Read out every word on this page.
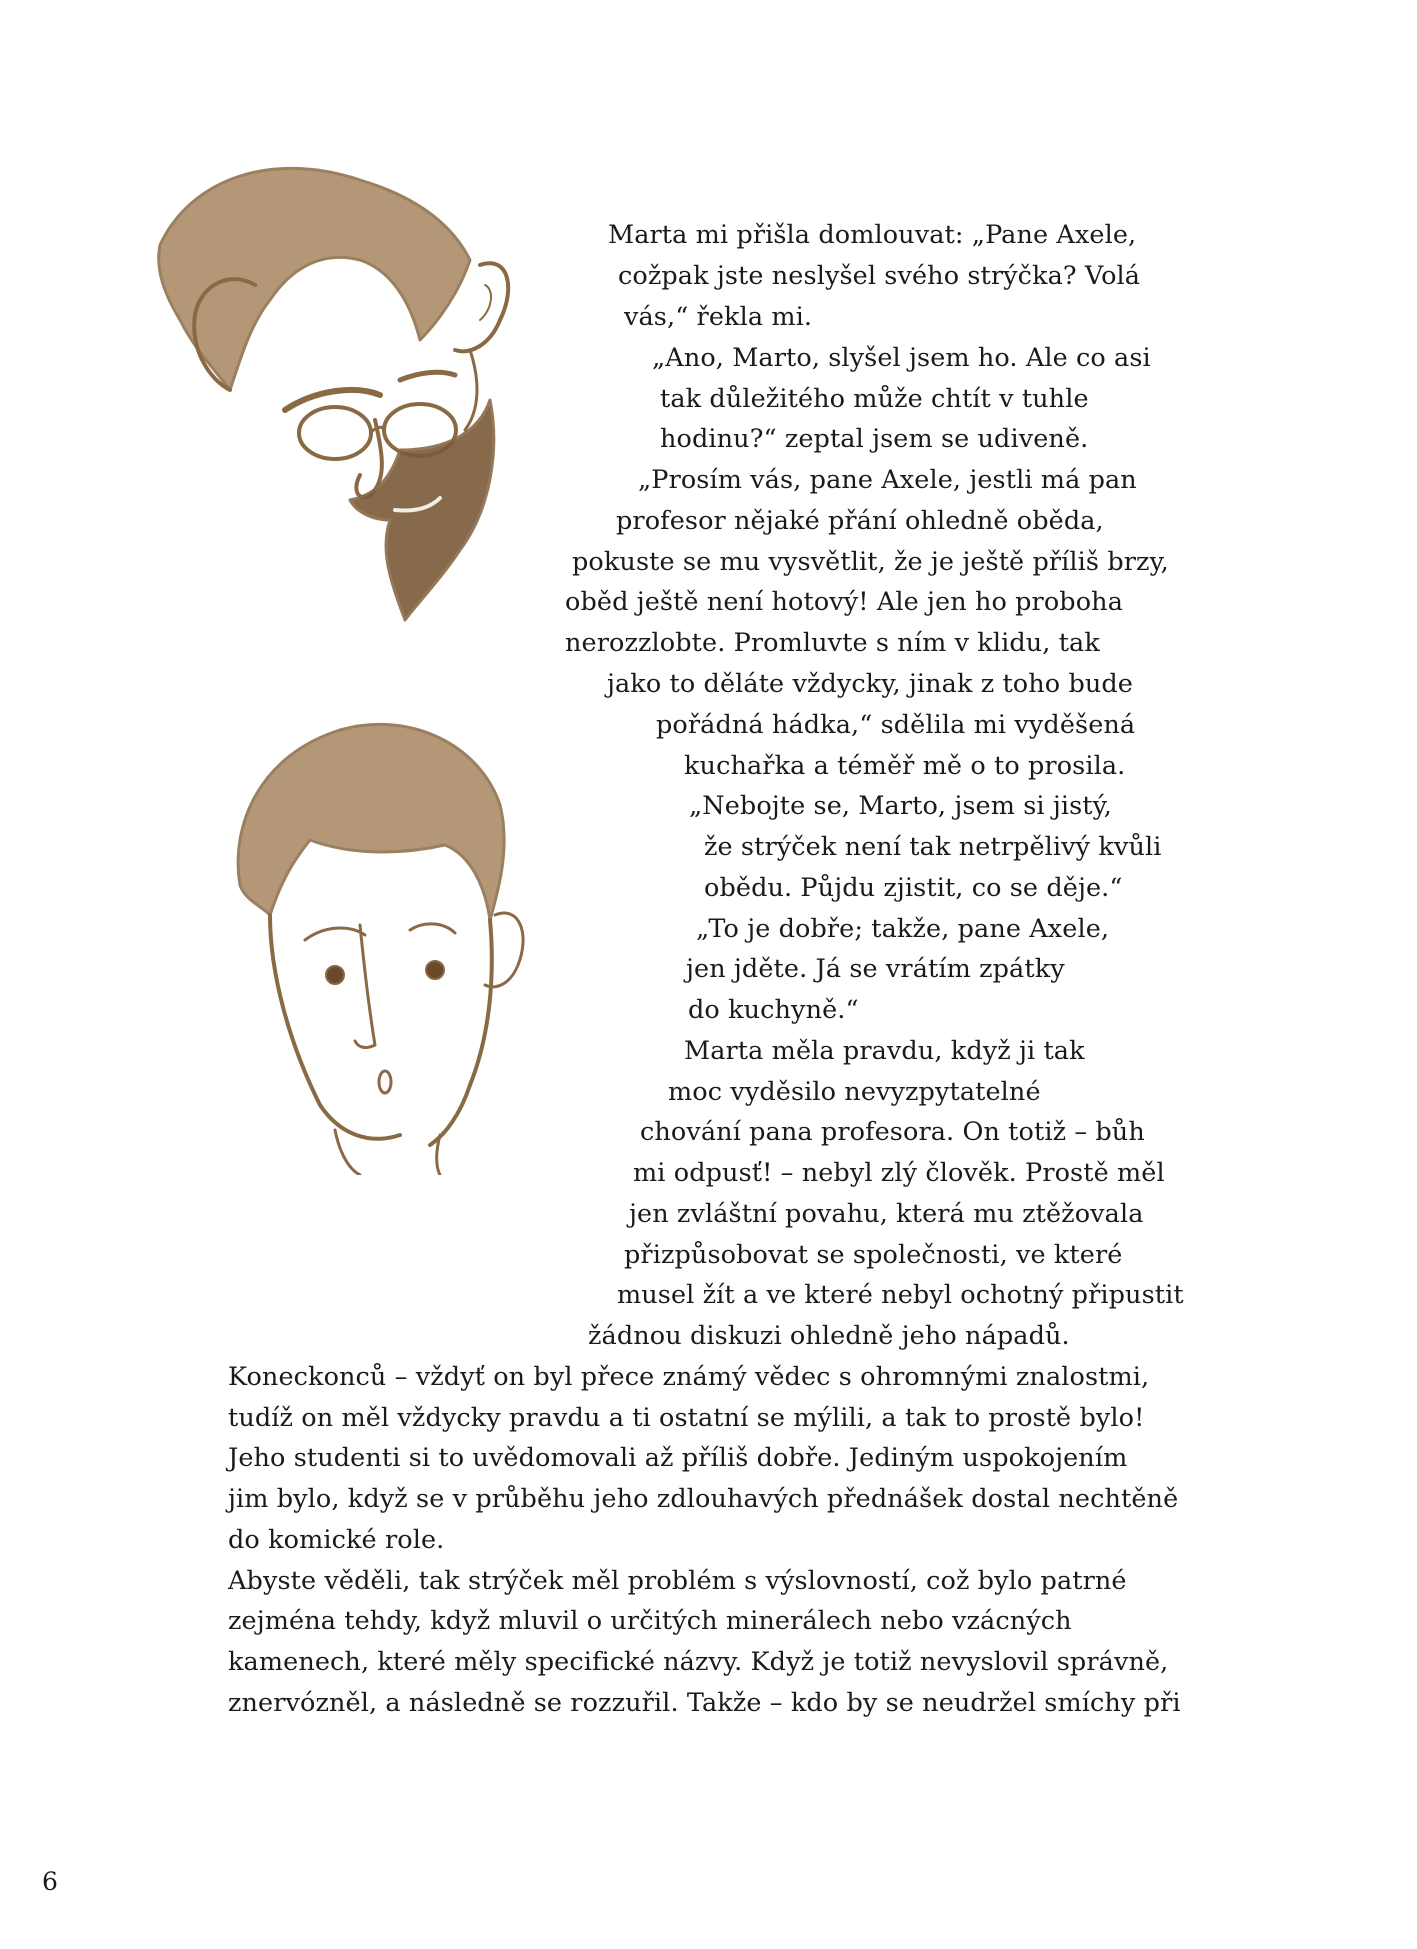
Marta mi přišla domlouvat: „Pane Axele,
cožpak jste neslyšel svého strýčka? Volá
vás,“ řekla mi.
„Ano, Marto, slyšel jsem ho. Ale co asi
tak důležitého může chtít v tuhle
hodinu?“ zeptal jsem se udiveně.
„Prosím vás, pane Axele, jestli má pan
profesor nějaké přání ohledně oběda,
pokuste se mu vysvětlit, že je ještě příliš brzy,
oběd ještě není hotový! Ale jen ho proboha
nerozzlobte. Promluvte s ním v klidu, tak
jako to děláte vždycky, jinak z toho bude
pořádná hádka,“ sdělila mi vyděšená
kuchařka a téměř mě o to prosila.
„Nebojte se, Marto, jsem si jistý,
že strýček není tak netrpělivý kvůli
obědu. Půjdu zjistit, co se děje.“
„To je dobře; takže, pane Axele,
jen jděte. Já se vrátím zpátky
do kuchyně.“
Marta měla pravdu, když ji tak
moc vyděsilo nevyzpytatelné
chování pana profesora. On totiž – bůh
mi odpusť! – nebyl zlý člověk. Prostě měl
jen zvláštní povahu, která mu ztěžovala
přizpůsobovat se společnosti, ve které
musel žít a ve které nebyl ochotný připustit
žádnou diskuzi ohledně jeho nápadů.
Koneckonců – vždyť on byl přece známý vědec s ohromnými znalostmi,
tudíž on měl vždycky pravdu a ti ostatní se mýlili, a tak to prostě bylo!
Jeho studenti si to uvědomovali až příliš dobře. Jediným uspokojením
jim bylo, když se v průběhu jeho zdlouhavých přednášek dostal nechtěně
do komické role.
Abyste věděli, tak strýček měl problém s výslovností, což bylo patrné
zejména tehdy, když mluvil o určitých minerálech nebo vzácných
kamenech, které měly specifické názvy. Když je totiž nevyslovil správně,
znervózněl, a následně se rozzuřil. Takže – kdo by se neudržel smíchy při
6
